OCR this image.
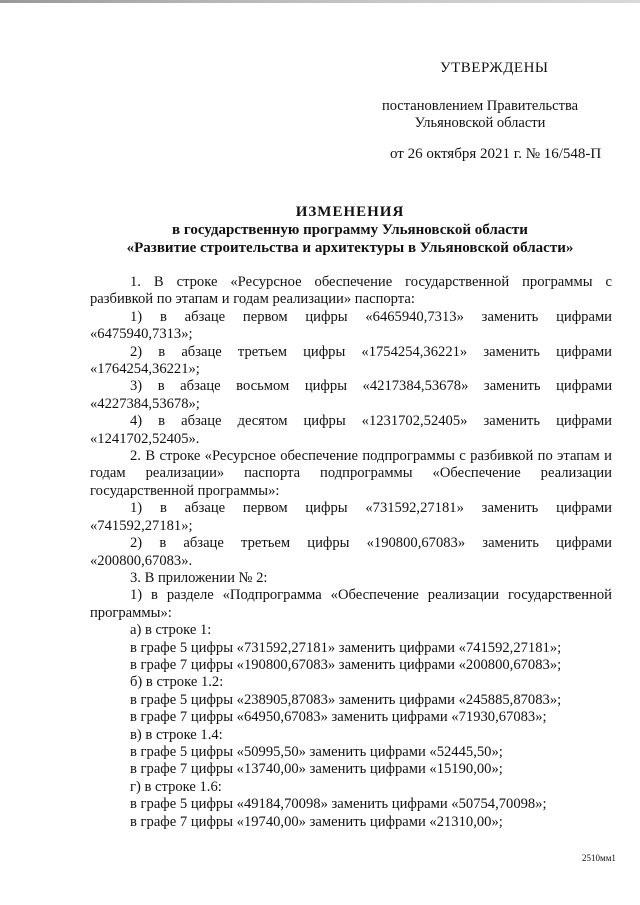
УТВЕРЖДЕНЫ
постановлением Правительства
Ульяновской области
от 26 октября 2021 г. № 16/548-П
ИЗМЕНЕНИЯ
в государственную программу Ульяновской области
«Развитие строительства и архитектуры в Ульяновской области»

1. В строке «Ресурсное обеспечение государственной программы с разбивкой по этапам и годам реализации» паспорта:

1) в абзаце первом цифры «6465940,7313» заменить цифрами «6475940,7313»;

2) в абзаце третьем цифры «1754254,36221» заменить цифрами «1764254,36221»;

3) в абзаце восьмом цифры «4217384,53678» заменить цифрами «4227384,53678»;

4) в абзаце десятом цифры «1231702,52405» заменить цифрами «1241702,52405».

2. В строке «Ресурсное обеспечение подпрограммы с разбивкой по этапам и годам реализации» паспорта подпрограммы «Обеспечение реализации государственной программы»:

1) в абзаце первом цифры «731592,27181» заменить цифрами «741592,27181»;

2) в абзаце третьем цифры «190800,67083» заменить цифрами «200800,67083».

3. В приложении № 2:

1) в разделе «Подпрограмма «Обеспечение реализации государственной программы»:

а) в строке 1:

в графе 5 цифры «731592,27181» заменить цифрами «741592,27181»;

в графе 7 цифры «190800,67083» заменить цифрами «200800,67083»;

б) в строке 1.2:

в графе 5 цифры «238905,87083» заменить цифрами «245885,87083»;

в графе 7 цифры «64950,67083» заменить цифрами «71930,67083»;

в) в строке 1.4:

в графе 5 цифры «50995,50» заменить цифрами «52445,50»;

в графе 7 цифры «13740,00» заменить цифрами «15190,00»;

г) в строке 1.6:

в графе 5 цифры «49184,70098» заменить цифрами «50754,70098»;

в графе 7 цифры «19740,00» заменить цифрами «21310,00»;

2510мм1
